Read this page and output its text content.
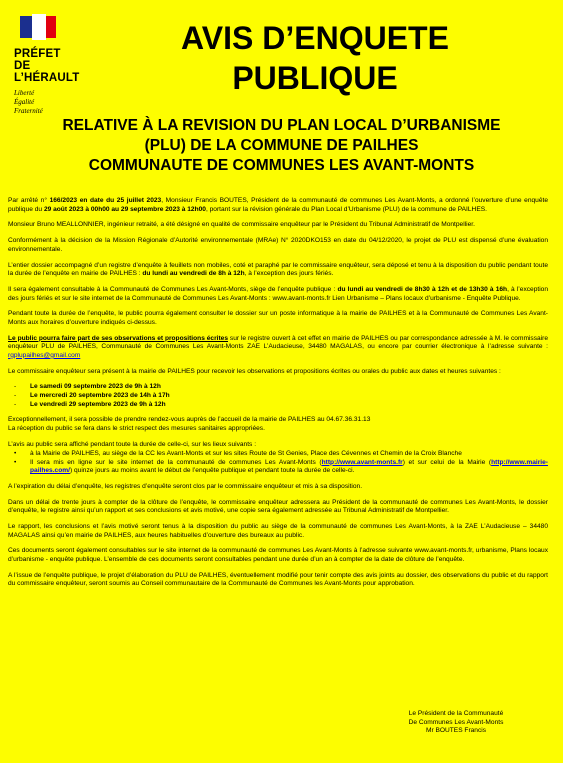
PRÉFET
DE L’HÉRAULT
Liberté
Égalité
Fraternité
AVIS D’ENQUETE
PUBLIQUE
RELATIVE À LA REVISION DU PLAN LOCAL D’URBANISME
(PLU) DE LA COMMUNE DE PAILHES
COMMUNAUTE DE COMMUNES LES AVANT-MONTS

Par arrêté n° 166/2023 en date du 25 juillet 2023, Monsieur Francis BOUTES, Président de la communauté de communes Les Avant-Monts, a ordonné l’ouverture d’une enquête publique du 29 août 2023 à 00h00 au 29 septembre 2023 à 12h00, portant sur la révision générale du Plan Local d’Urbanisme (PLU) de la commune de PAILHES.

Monsieur Bruno MEALLONNIER, ingénieur retraité, a été désigné en qualité de commissaire enquêteur par le Président du Tribunal Administratif de Montpellier.

Conformément à la décision de la Mission Régionale d’Autorité environnementale (MRAe) N° 2020DKO153 en date du 04/12/2020, le projet de PLU est dispensé d’une évaluation environnementale.

L’entier dossier accompagné d’un registre d’enquête à feuillets non mobiles, coté et paraphé par le commissaire enquêteur, sera déposé et tenu à la disposition du public pendant toute la durée de l’enquête en mairie de PAILHES : du lundi au vendredi de 8h à 12h, à l’exception des jours fériés.

Il sera également consultable à la Communauté de Communes Les Avant-Monts, siège de l’enquête publique : du lundi au vendredi de 8h30 à 12h et de 13h30 à 16h, à l’exception des jours fériés et sur le site internet de la Communauté de Communes Les Avant-Monts : www.avant-monts.fr Lien Urbanisme – Plans locaux d’urbanisme - Enquête Publique.

Pendant toute la durée de l’enquête, le public pourra également consulter le dossier sur un poste informatique à la mairie de PAILHES et à la Communauté de Communes Les Avant-Monts aux horaires d’ouverture indiqués ci-dessus.

Le public pourra faire part de ses observations et propositions écrites sur le registre ouvert à cet effet en mairie de PAILHES ou par correspondance adressée à M. le commissaire enquêteur PLU de PAILHES, Communauté de Communes Les Avant-Monts ZAE L’Audacieuse, 34480 MAGALAS, ou encore par courrier électronique à l’adresse suivante : rgplupailhes@gmail.com

Le commissaire enquêteur sera présent à la mairie de PAILHES pour recevoir les observations et propositions écrites ou orales du public aux dates et heures suivantes :

- Le samedi 09 septembre 2023 de 9h à 12h
- Le mercredi 20 septembre 2023 de 14h à 17h
- Le vendredi 29 septembre 2023 de 9h à 12h

Exceptionnellement, il sera possible de prendre rendez-vous auprès de l’accueil de la mairie de PAILHES au 04.67.36.31.13
La réception du public se fera dans le strict respect des mesures sanitaires appropriées.

L’avis au public sera affiché pendant toute la durée de celle-ci, sur les lieux suivants :

• à la Mairie de PAILHES, au siège de la CC les Avant-Monts et sur les sites Route de St Genies, Place des Cévennes et Chemin de la Croix Blanche
• Il sera mis en ligne sur le site internet de la communauté de communes Les Avant-Monts (http://www.avant-monts.fr) et sur celui de la Mairie (http://www.mairie-pailhes.com/) quinze jours au moins avant le début de l’enquête publique et pendant toute la durée de celle-ci.

A l’expiration du délai d’enquête, les registres d’enquête seront clos par le commissaire enquêteur et mis à sa disposition.

Dans un délai de trente jours à compter de la clôture de l’enquête, le commissaire enquêteur adressera au Président de la communauté de communes Les Avant-Monts, le dossier d’enquête, le registre ainsi qu’un rapport et ses conclusions et avis motivé, une copie sera également adressée au Tribunal Administratif de Montpellier.

Le rapport, les conclusions et l’avis motivé seront tenus à la disposition du public au siège de la communauté de communes Les Avant-Monts, à la ZAE L’Audacieuse – 34480 MAGALAS ainsi qu’en mairie de PAILHES, aux heures habituelles d’ouverture des bureaux au public.

Ces documents seront également consultables sur le site internet de la communauté de communes Les Avant-Monts à l’adresse suivante www.avant-monts.fr, urbanisme, Plans locaux d’urbanisme - enquête publique. L’ensemble de ces documents seront consultables pendant une durée d’un an à compter de la date de clôture de l’enquête.

A l’issue de l’enquête publique, le projet d’élaboration du PLU de PAILHES, éventuellement modifié pour tenir compte des avis joints au dossier, des observations du public et du rapport du commissaire enquêteur, seront soumis au Conseil communautaire de la Communauté de Communes les Avant-Monts pour approbation.

Le Président de la Communauté
De Communes Les Avant-Monts
Mr BOUTES Francis
